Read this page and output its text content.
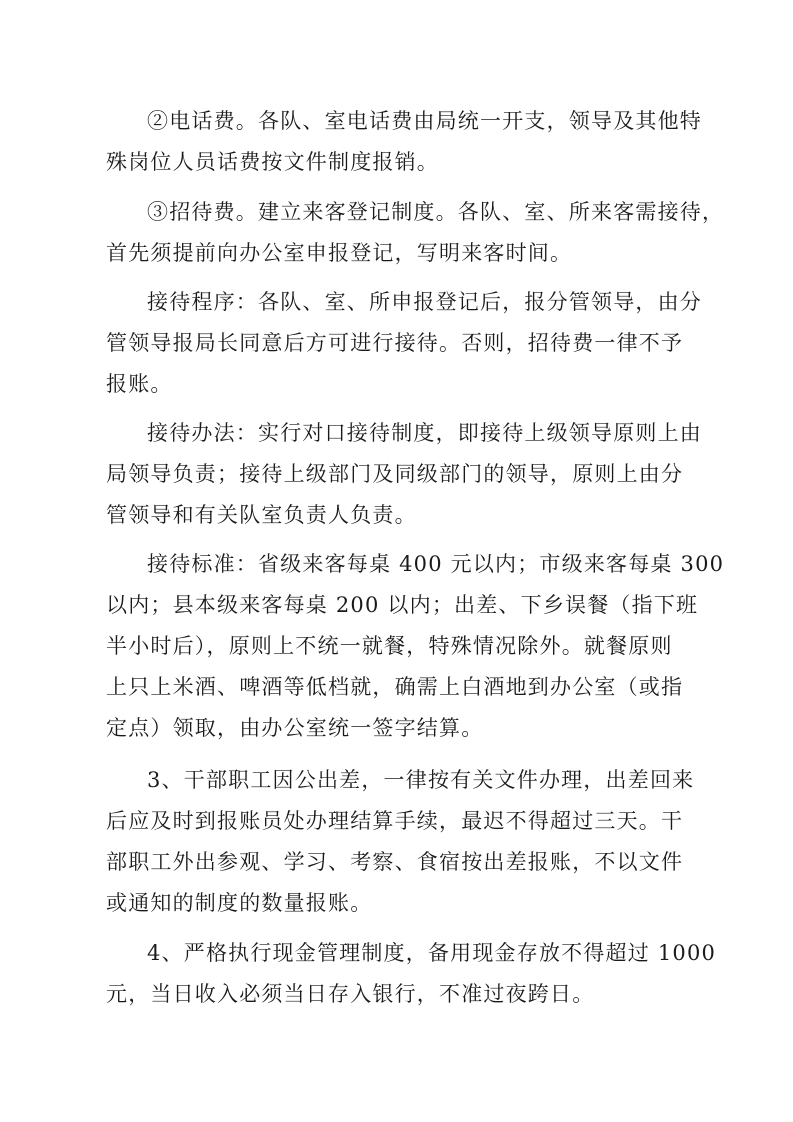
②电话费。各队、室电话费由局统一开支，领导及其他特
殊岗位人员话费按文件制度报销。
③招待费。建立来客登记制度。各队、室、所来客需接待，
首先须提前向办公室申报登记，写明来客时间。
接待程序：各队、室、所申报登记后，报分管领导，由分
管领导报局长同意后方可进行接待。否则，招待费一律不予
报账。
接待办法：实行对口接待制度，即接待上级领导原则上由
局领导负责；接待上级部门及同级部门的领导，原则上由分
管领导和有关队室负责人负责。
接待标准：省级来客每桌 400 元以内；市级来客每桌 300
以内；县本级来客每桌 200 以内；出差、下乡误餐（指下班
半小时后），原则上不统一就餐，特殊情况除外。就餐原则
上只上米酒、啤酒等低档就，确需上白酒地到办公室（或指
定点）领取，由办公室统一签字结算。
3、干部职工因公出差，一律按有关文件办理，出差回来
后应及时到报账员处办理结算手续，最迟不得超过三天。干
部职工外出参观、学习、考察、食宿按出差报账，不以文件
或通知的制度的数量报账。
4、严格执行现金管理制度，备用现金存放不得超过 1000
元，当日收入必须当日存入银行，不准过夜跨日。
